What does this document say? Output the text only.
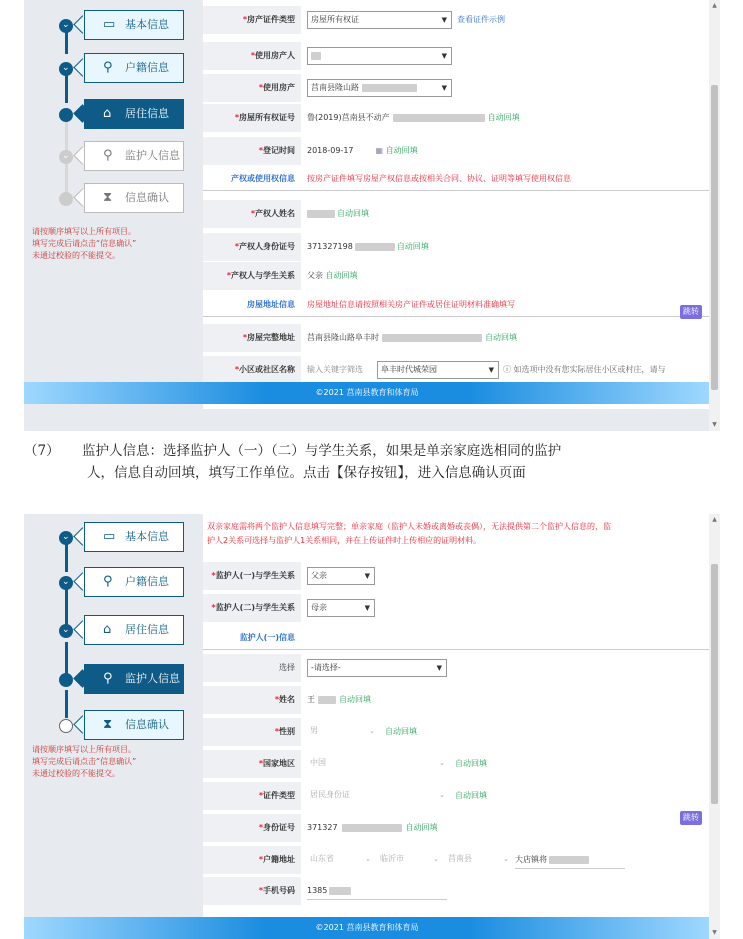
⌄	▭ 基本信息
⌄	⚲ 户籍信息
⌂ 居住信息
⌄	⚲ 监护人信息
⧗ 信息确认
请按顺序填写以上所有项目。
填写完成后请点击“信息确认”
未通过校验的不能提交。
*房产证件类型	房屋所有权证	▼ 查看证件示例
*使用房产人	▼
*使用房产	莒南县隆山路	▼
*房屋所有权证号	鲁(2019)莒南县不动产	自动回填
*登记时间	2018-09-17	▦ 自动回填
产权或使用权信息	按房产证件填写房屋产权信息或按相关合同、协议、证明等填写使用权信息
*产权人姓名	自动回填
*产权人身份证号	371327198	自动回填
*产权人与学生关系	父亲 自动回填
房屋地址信息	房屋地址信息请按照相关房产证件或居住证明材料准确填写
*房屋完整地址	莒南县隆山路阜丰时	自动回填
*小区或社区名称	输入关键字筛选	阜丰时代城荣园	▼ ⓘ 如选项中没有您实际居住小区或村庄，请与
跳转
©2021 莒南县教育和体育局
▲
▼
（7） 监护人信息：选择监护人（一）（二）与学生关系，如果是单亲家庭选相同的监护
人，信息自动回填，填写工作单位。点击【保存按钮】，进入信息确认页面
⌄	▭ 基本信息
⌄	⚲ 户籍信息
⌄	⌂ 居住信息
⚲ 监护人信息
⧗ 信息确认
请按顺序填写以上所有项目。
填写完成后请点击“信息确认”
未通过校验的不能提交。
双亲家庭需将两个监护人信息填写完整；单亲家庭（监护人未婚或离婚或丧偶），无法提供第二个监护人信息的，监
护人2关系可选择与监护人1关系相同，并在上传证件时上传相应的证明材料。
*监护人(一)与学生关系	父亲	▼
*监护人(二)与学生关系	母亲	▼
监护人(一)信息
选择	-请选择-	▼
*姓名	王	自动回填
*性别	男	⌄ 自动回填
*国家地区	中国	⌄ 自动回填
*证件类型	居民身份证	⌄ 自动回填
*身份证号	371327	自动回填
*户籍地址	山东省	⌄	临沂市	⌄	莒南县	⌄ 大店镇将
*手机号码	1385
跳转
©2021 莒南县教育和体育局
▲
▼
